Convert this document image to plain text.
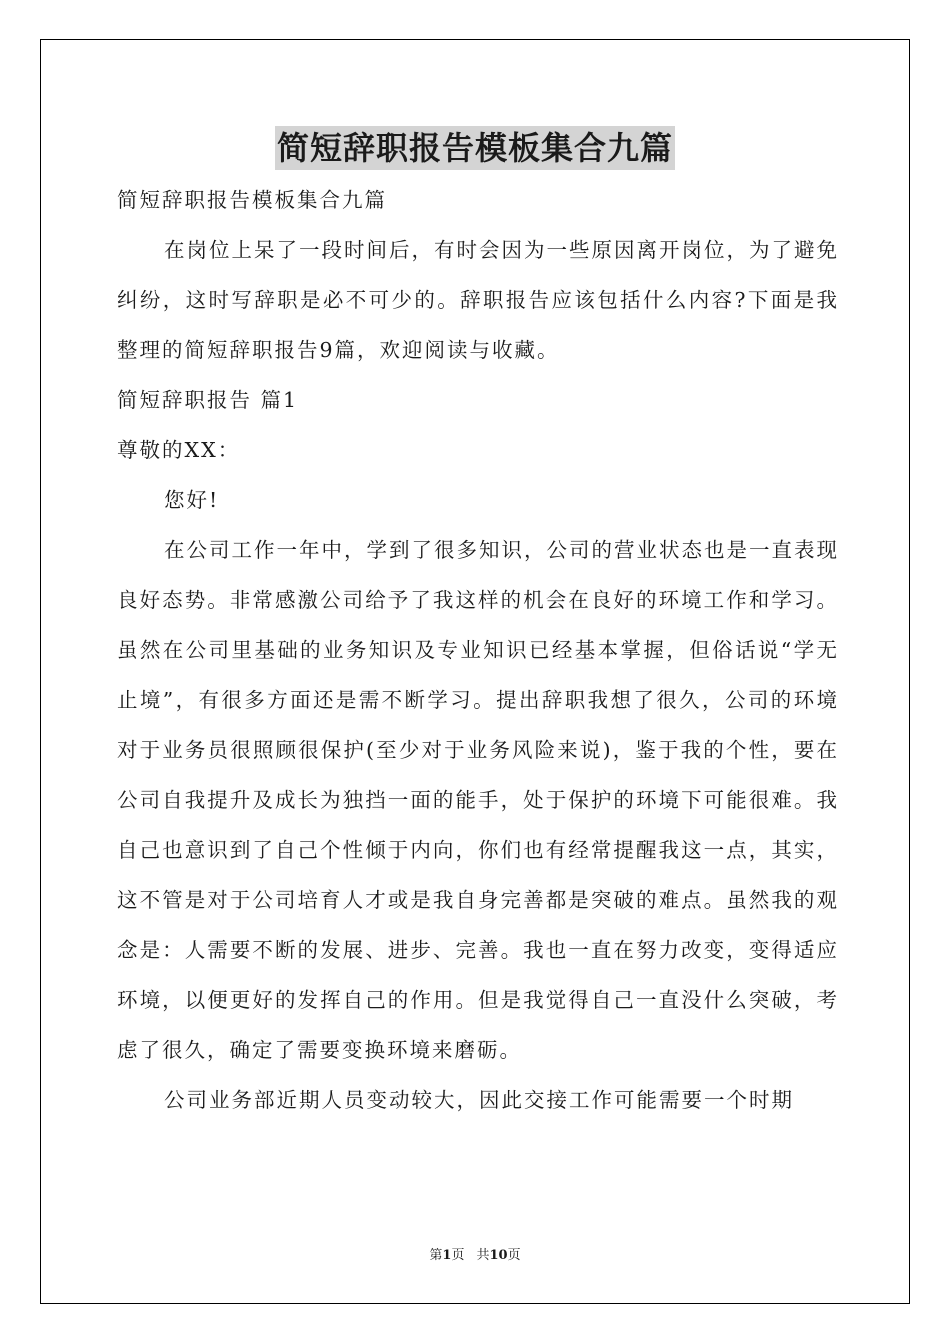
简短辞职报告模板集合九篇

简短辞职报告模板集合九篇

在岗位上呆了一段时间后，有时会因为一些原因离开岗位，为了避免纠纷，这时写辞职是必不可少的。辞职报告应该包括什么内容?下面是我整理的简短辞职报告9篇，欢迎阅读与收藏。

简短辞职报告 篇1

尊敬的XX：

您好!

在公司工作一年中，学到了很多知识，公司的营业状态也是一直表现良好态势。非常感激公司给予了我这样的机会在良好的环境工作和学习。虽然在公司里基础的业务知识及专业知识已经基本掌握，但俗话说“学无止境”，有很多方面还是需不断学习。提出辞职我想了很久，公司的环境对于业务员很照顾很保护(至少对于业务风险来说)，鉴于我的个性，要在公司自我提升及成长为独挡一面的能手，处于保护的环境下可能很难。我自己也意识到了自己个性倾于内向，你们也有经常提醒我这一点，其实，这不管是对于公司培育人才或是我自身完善都是突破的难点。虽然我的观念是：人需要不断的发展、进步、完善。我也一直在努力改变，变得适应环境，以便更好的发挥自己的作用。但是我觉得自己一直没什么突破，考虑了很久，确定了需要变换环境来磨砺。

公司业务部近期人员变动较大，因此交接工作可能需要一个时期

第1页 共10页
